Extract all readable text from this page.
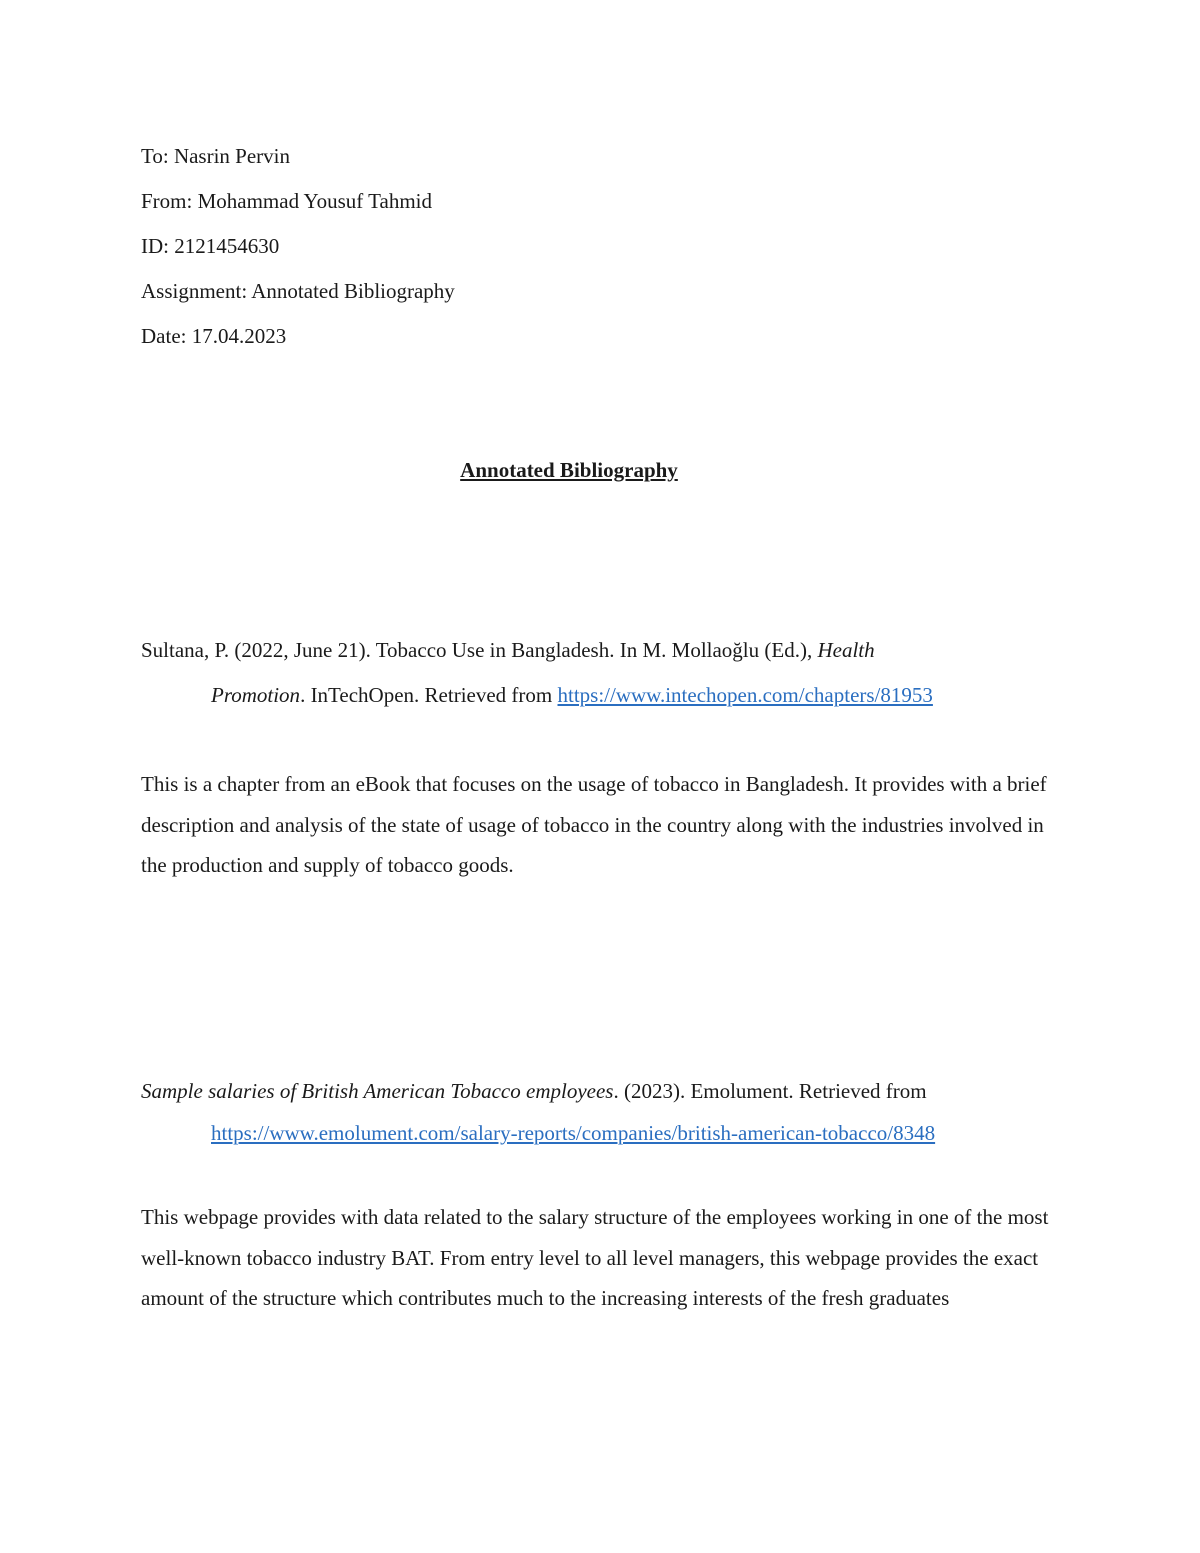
To: Nasrin Pervin
From: Mohammad Yousuf Tahmid
ID: 2121454630
Assignment: Annotated Bibliography
Date: 17.04.2023
Annotated Bibliography
Sultana, P. (2022, June 21). Tobacco Use in Bangladesh. In M. Mollaoğlu (Ed.), Health
Promotion. InTechOpen. Retrieved from https://www.intechopen.com/chapters/81953
This is a chapter from an eBook that focuses on the usage of tobacco in Bangladesh. It provides with a brief description and analysis of the state of usage of tobacco in the country along with the industries involved in the production and supply of tobacco goods.
Sample salaries of British American Tobacco employees. (2023). Emolument. Retrieved from
https://www.emolument.com/salary-reports/companies/british-american-tobacco/8348
This webpage provides with data related to the salary structure of the employees working in one of the most well-known tobacco industry BAT. From entry level to all level managers, this webpage provides the exact amount of the structure which contributes much to the increasing interests of the fresh graduates
